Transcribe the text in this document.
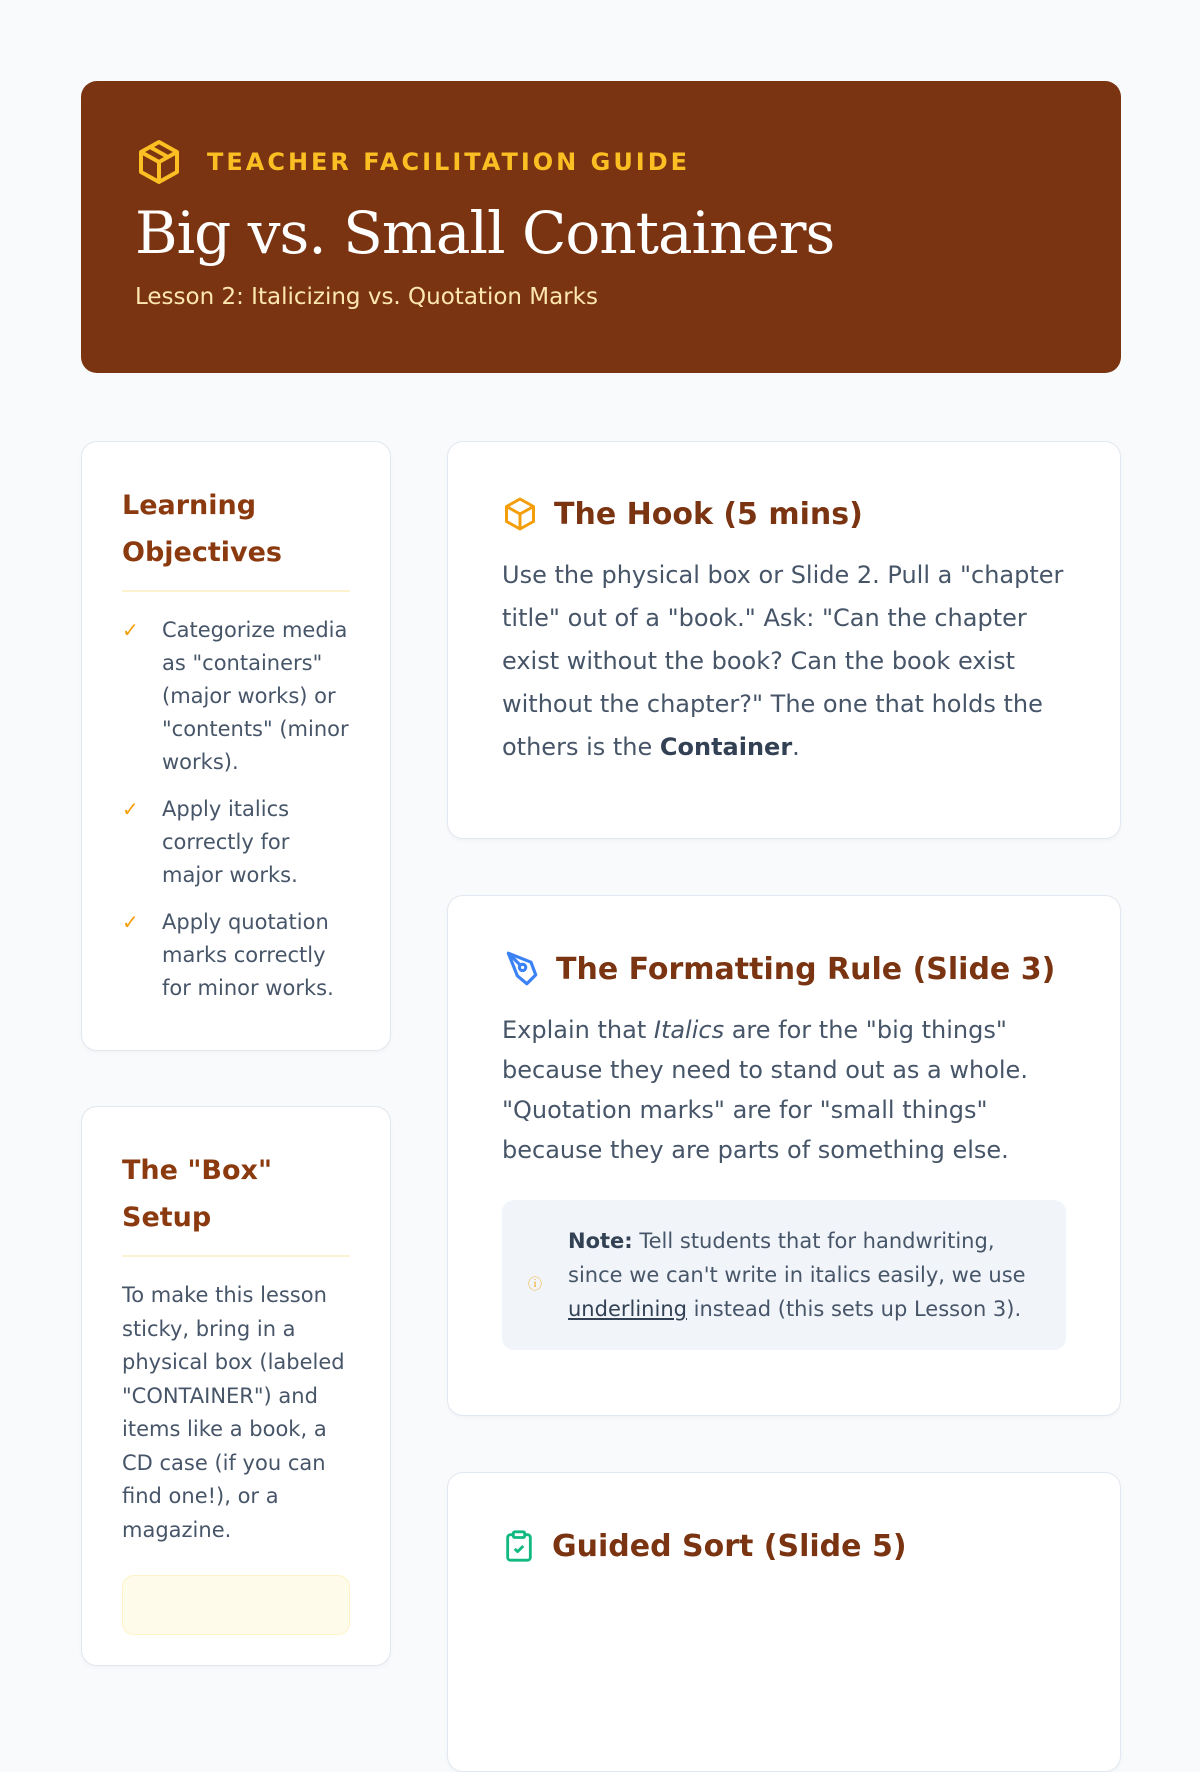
TEACHER FACILITATION GUIDE
Big vs. Small Containers
Lesson 2: Italicizing vs. Quotation Marks
Learning Objectives
✓	Categorize media as "containers" (major works) or "contents" (minor works).
✓	Apply italics correctly for major works.
✓	Apply quotation marks correctly for minor works.
The "Box" Setup
To make this lesson sticky, bring in a physical box (labeled "CONTAINER") and items like a book, a CD case (if you can find one!), or a magazine.
The Hook (5 mins)

Use the physical box or Slide 2. Pull a "chapter title" out of a "book." Ask: "Can the chapter exist without the book? Can the book exist without the chapter?" The one that holds the others is the Container.

The Formatting Rule (Slide 3)

Explain that Italics are for the "big things" because they need to stand out as a whole. "Quotation marks" are for "small things" because they are parts of something else.

ⓘ
Note: Tell students that for handwriting, since we can't write in italics easily, we use underlining instead (this sets up Lesson 3).
Guided Sort (Slide 5)
